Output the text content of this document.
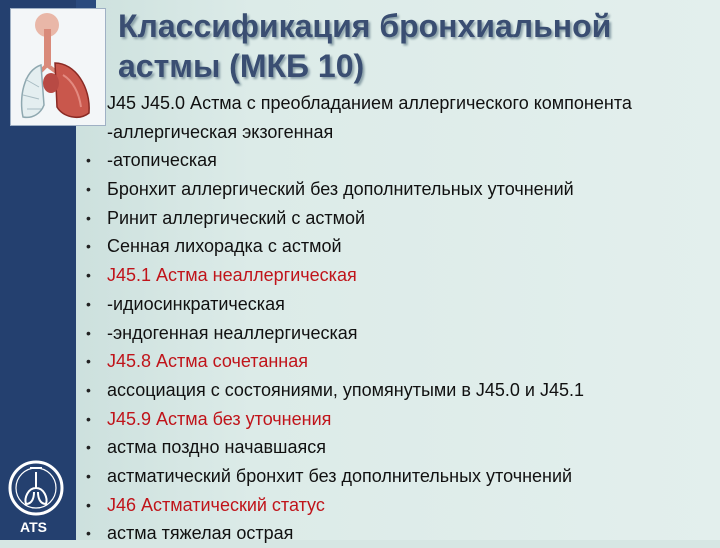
Классификация бронхиальной
астмы (МКБ 10)
J45 J45.0 Астма с преобладанием аллергического компонента
-аллергическая экзогенная
• -атопическая
• Бронхит аллергический без дополнительных уточнений
• Ринит аллергический с астмой
• Сенная лихорадка с астмой
• J45.1 Астма неаллергическая
• -идиосинкратическая
• -эндогенная неаллергическая
• J45.8 Астма сочетанная
• ассоциация с состояниями, упомянутыми в J45.0 и J45.1
• J45.9 Астма без уточнения
• астма поздно начавшаяся
• астматический бронхит без дополнительных уточнений
• J46 Астматический статус
• астма тяжелая острая
ATS
